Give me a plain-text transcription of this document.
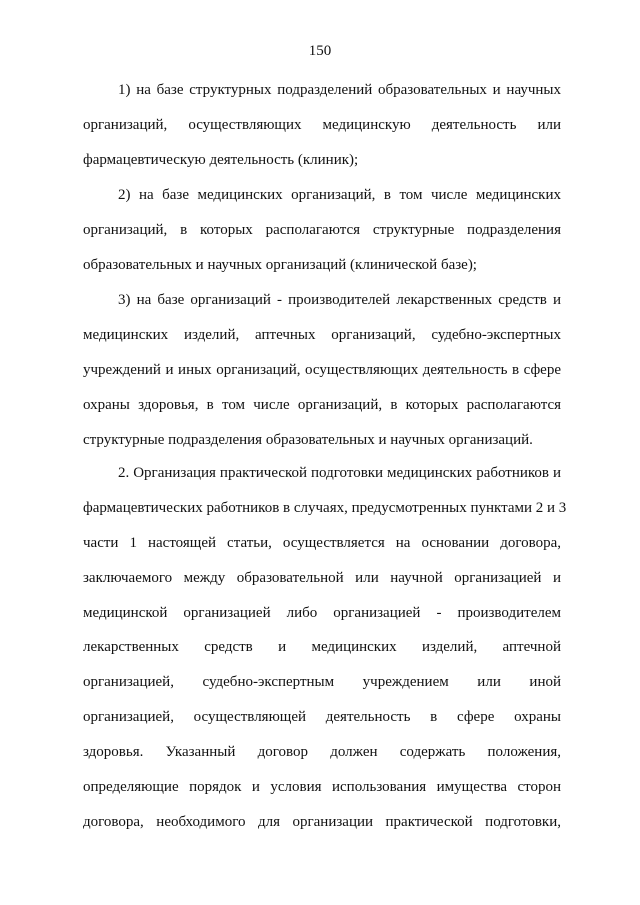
150
1) на базе структурных подразделений образовательных и научных
организаций, осуществляющих медицинскую деятельность или
фармацевтическую деятельность (клиник);
2) на базе медицинских организаций, в том числе медицинских
организаций, в которых располагаются структурные подразделения
образовательных и научных организаций (клинической базе);
3) на базе организаций - производителей лекарственных средств и
медицинских изделий, аптечных организаций, судебно-экспертных
учреждений и иных организаций, осуществляющих деятельность в сфере
охраны здоровья, в том числе организаций, в которых располагаются
структурные подразделения образовательных и научных организаций.
2. Организация практической подготовки медицинских работников и
фармацевтических работников в случаях, предусмотренных пунктами 2 и 3
части 1 настоящей статьи, осуществляется на основании договора,
заключаемого между образовательной или научной организацией и
медицинской организацией либо организацией - производителем
лекарственных средств и медицинских изделий, аптечной
организацией, судебно-экспертным учреждением или иной
организацией, осуществляющей деятельность в сфере охраны
здоровья. Указанный договор должен содержать положения,
определяющие порядок и условия использования имущества сторон
договора, необходимого для организации практической подготовки,
